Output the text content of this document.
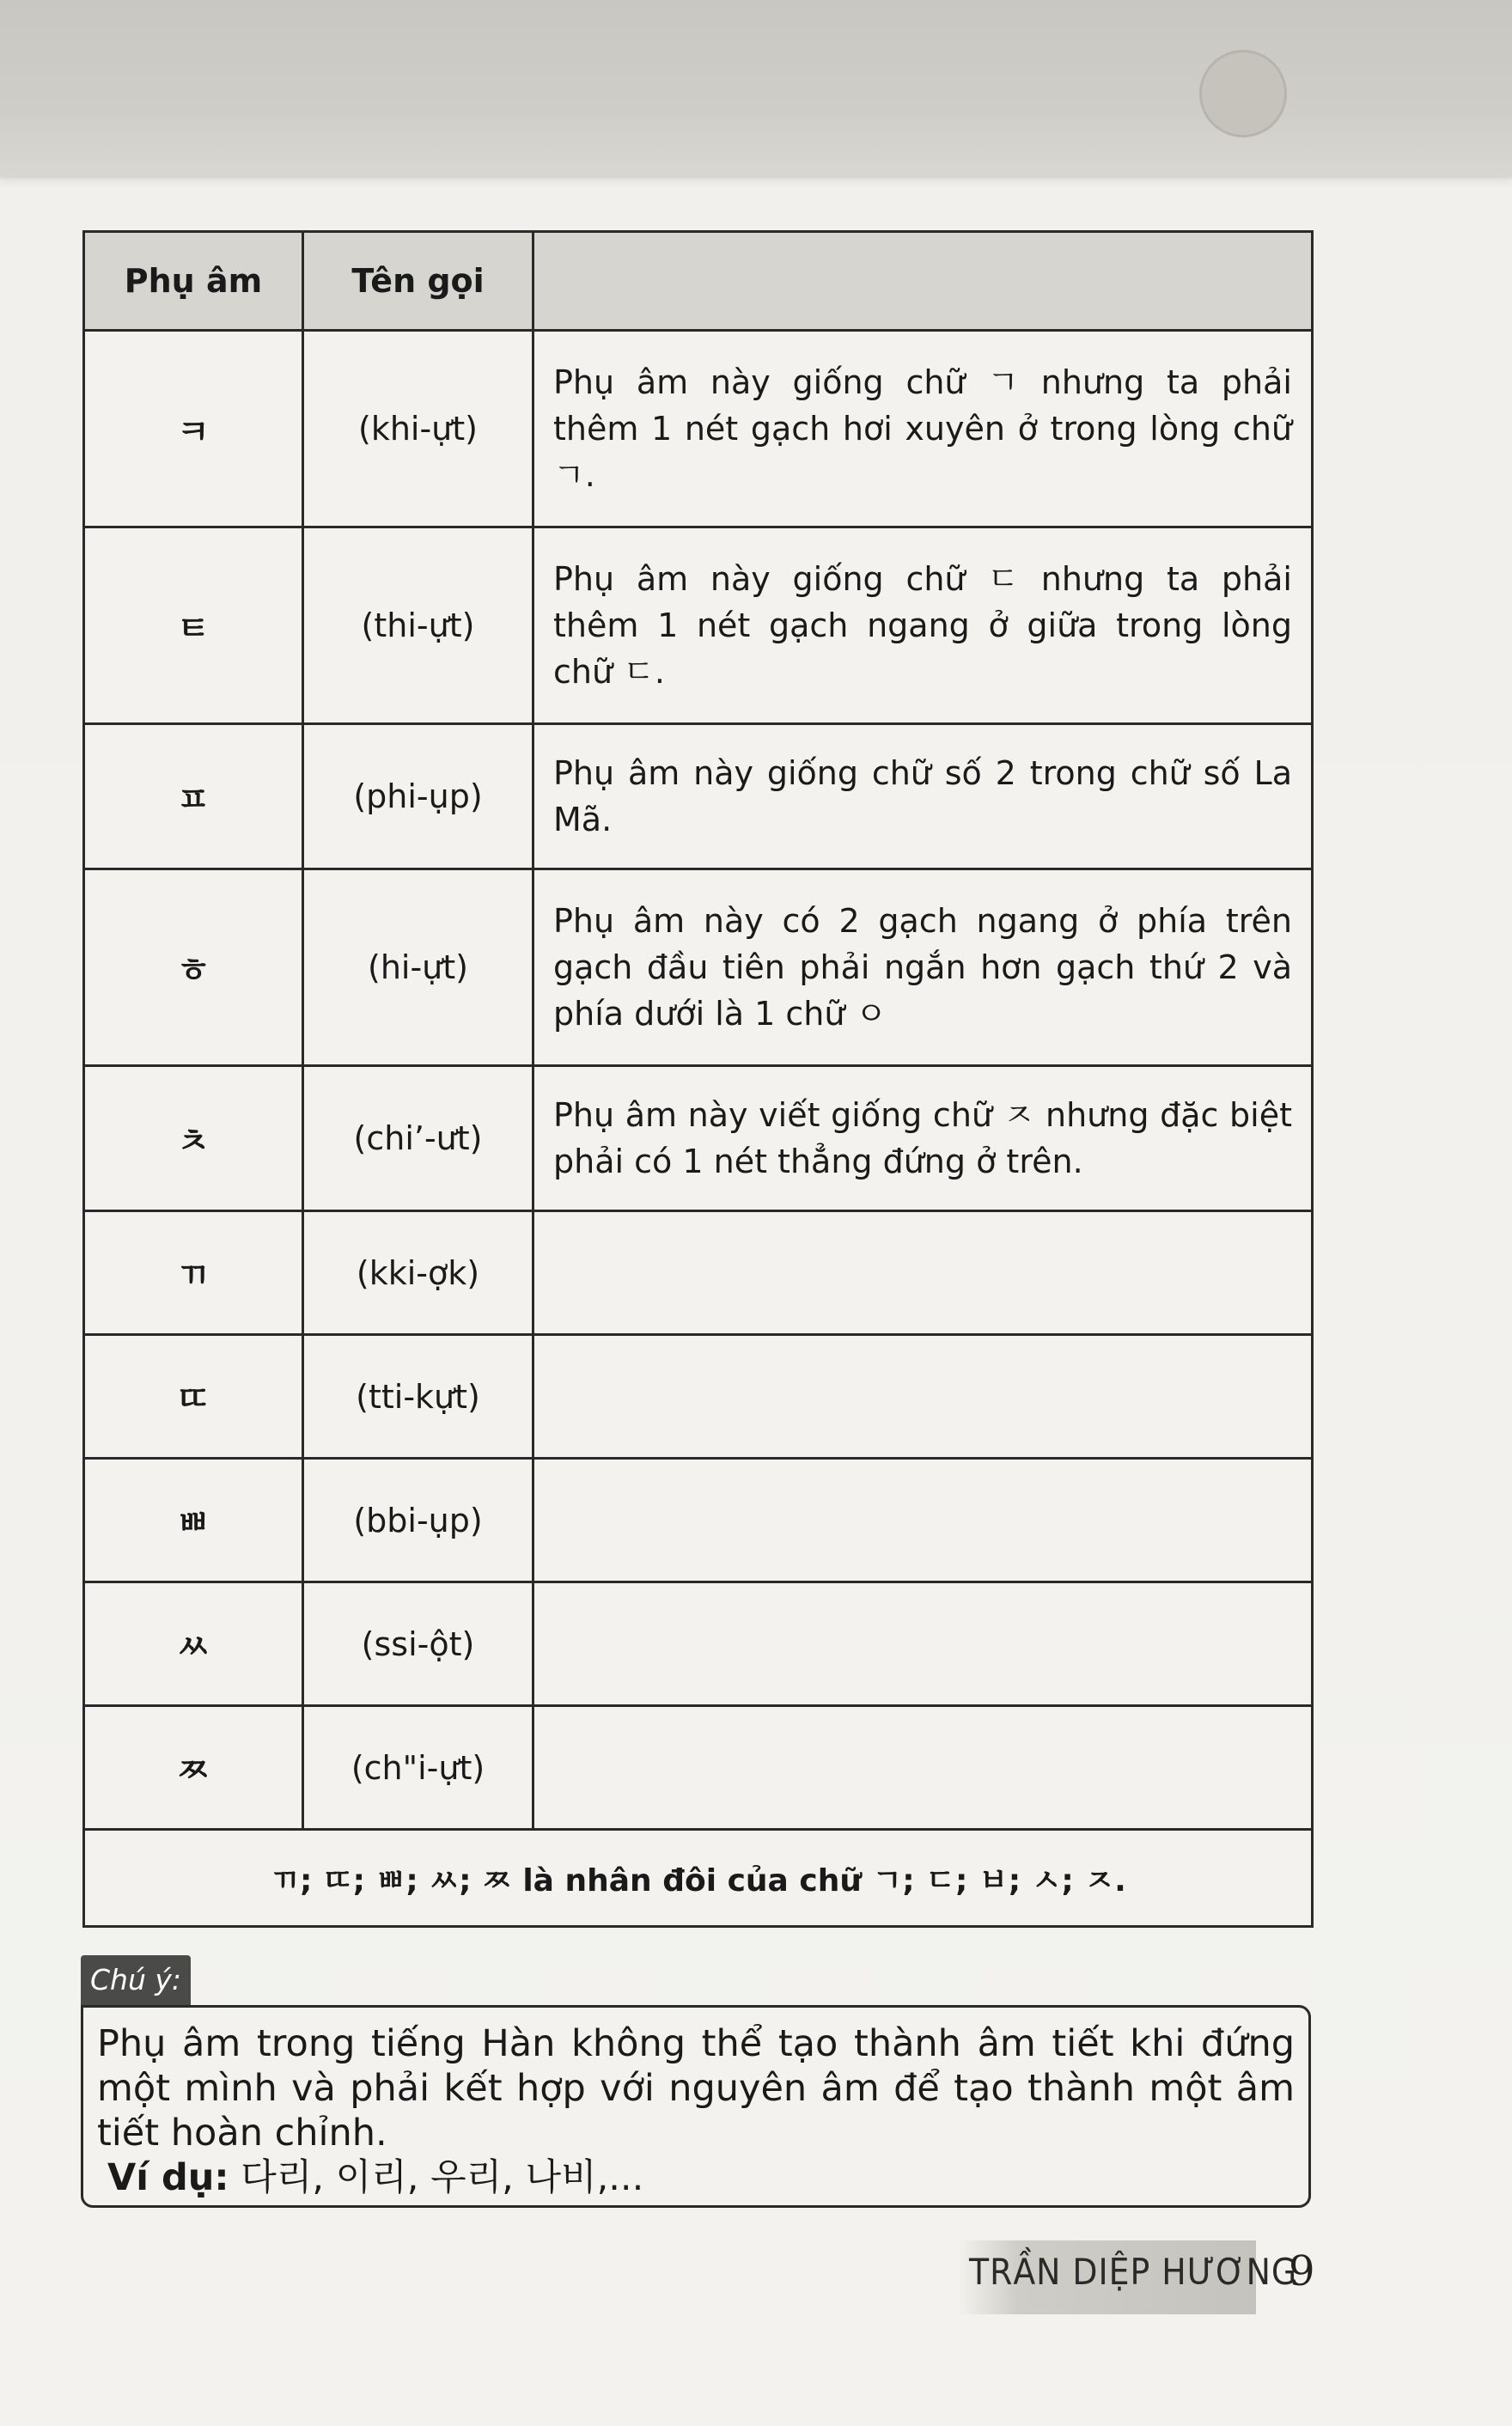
Phụ âm	Tên gọi	
ㅋ	(khi-ựt)	Phụ âm này giống chữ ㄱ nhưng ta phải thêm 1 nét gạch hơi xuyên ở trong lòng chữ ㄱ.
ㅌ	(thi-ựt)	Phụ âm này giống chữ ㄷ nhưng ta phải thêm 1 nét gạch ngang ở giữa trong lòng chữ ㄷ.
ㅍ	(phi-ụp)	Phụ âm này giống chữ số 2 trong chữ số La Mã.
ㅎ	(hi-ựt)	Phụ âm này có 2 gạch ngang ở phía trên gạch đầu tiên phải ngắn hơn gạch thứ 2 và phía dưới là 1 chữ ㅇ
ㅊ	(chi’-ưt)	Phụ âm này viết giống chữ ㅈ nhưng đặc biệt phải có 1 nét thẳng đứng ở trên.
ㄲ	(kki-ợk)	
ㄸ	(tti-kựt)	
ㅃ	(bbi-ụp)	
ㅆ	(ssi-ột)	
ㅉ	(ch"i-ựt)	
ㄲ; ㄸ; ㅃ; ㅆ; ㅉ là nhân đôi của chữ ㄱ; ㄷ; ㅂ; ㅅ; ㅈ.		
Chú ý:

Phụ âm trong tiếng Hàn không thể tạo thành âm tiết khi đứng một mình và phải kết hợp với nguyên âm để tạo thành một âm tiết hoàn chỉnh.

Ví dụ: 다리, 이리, 우리, 나비,...

TRẦN DIỆP HƯƠNG
9
